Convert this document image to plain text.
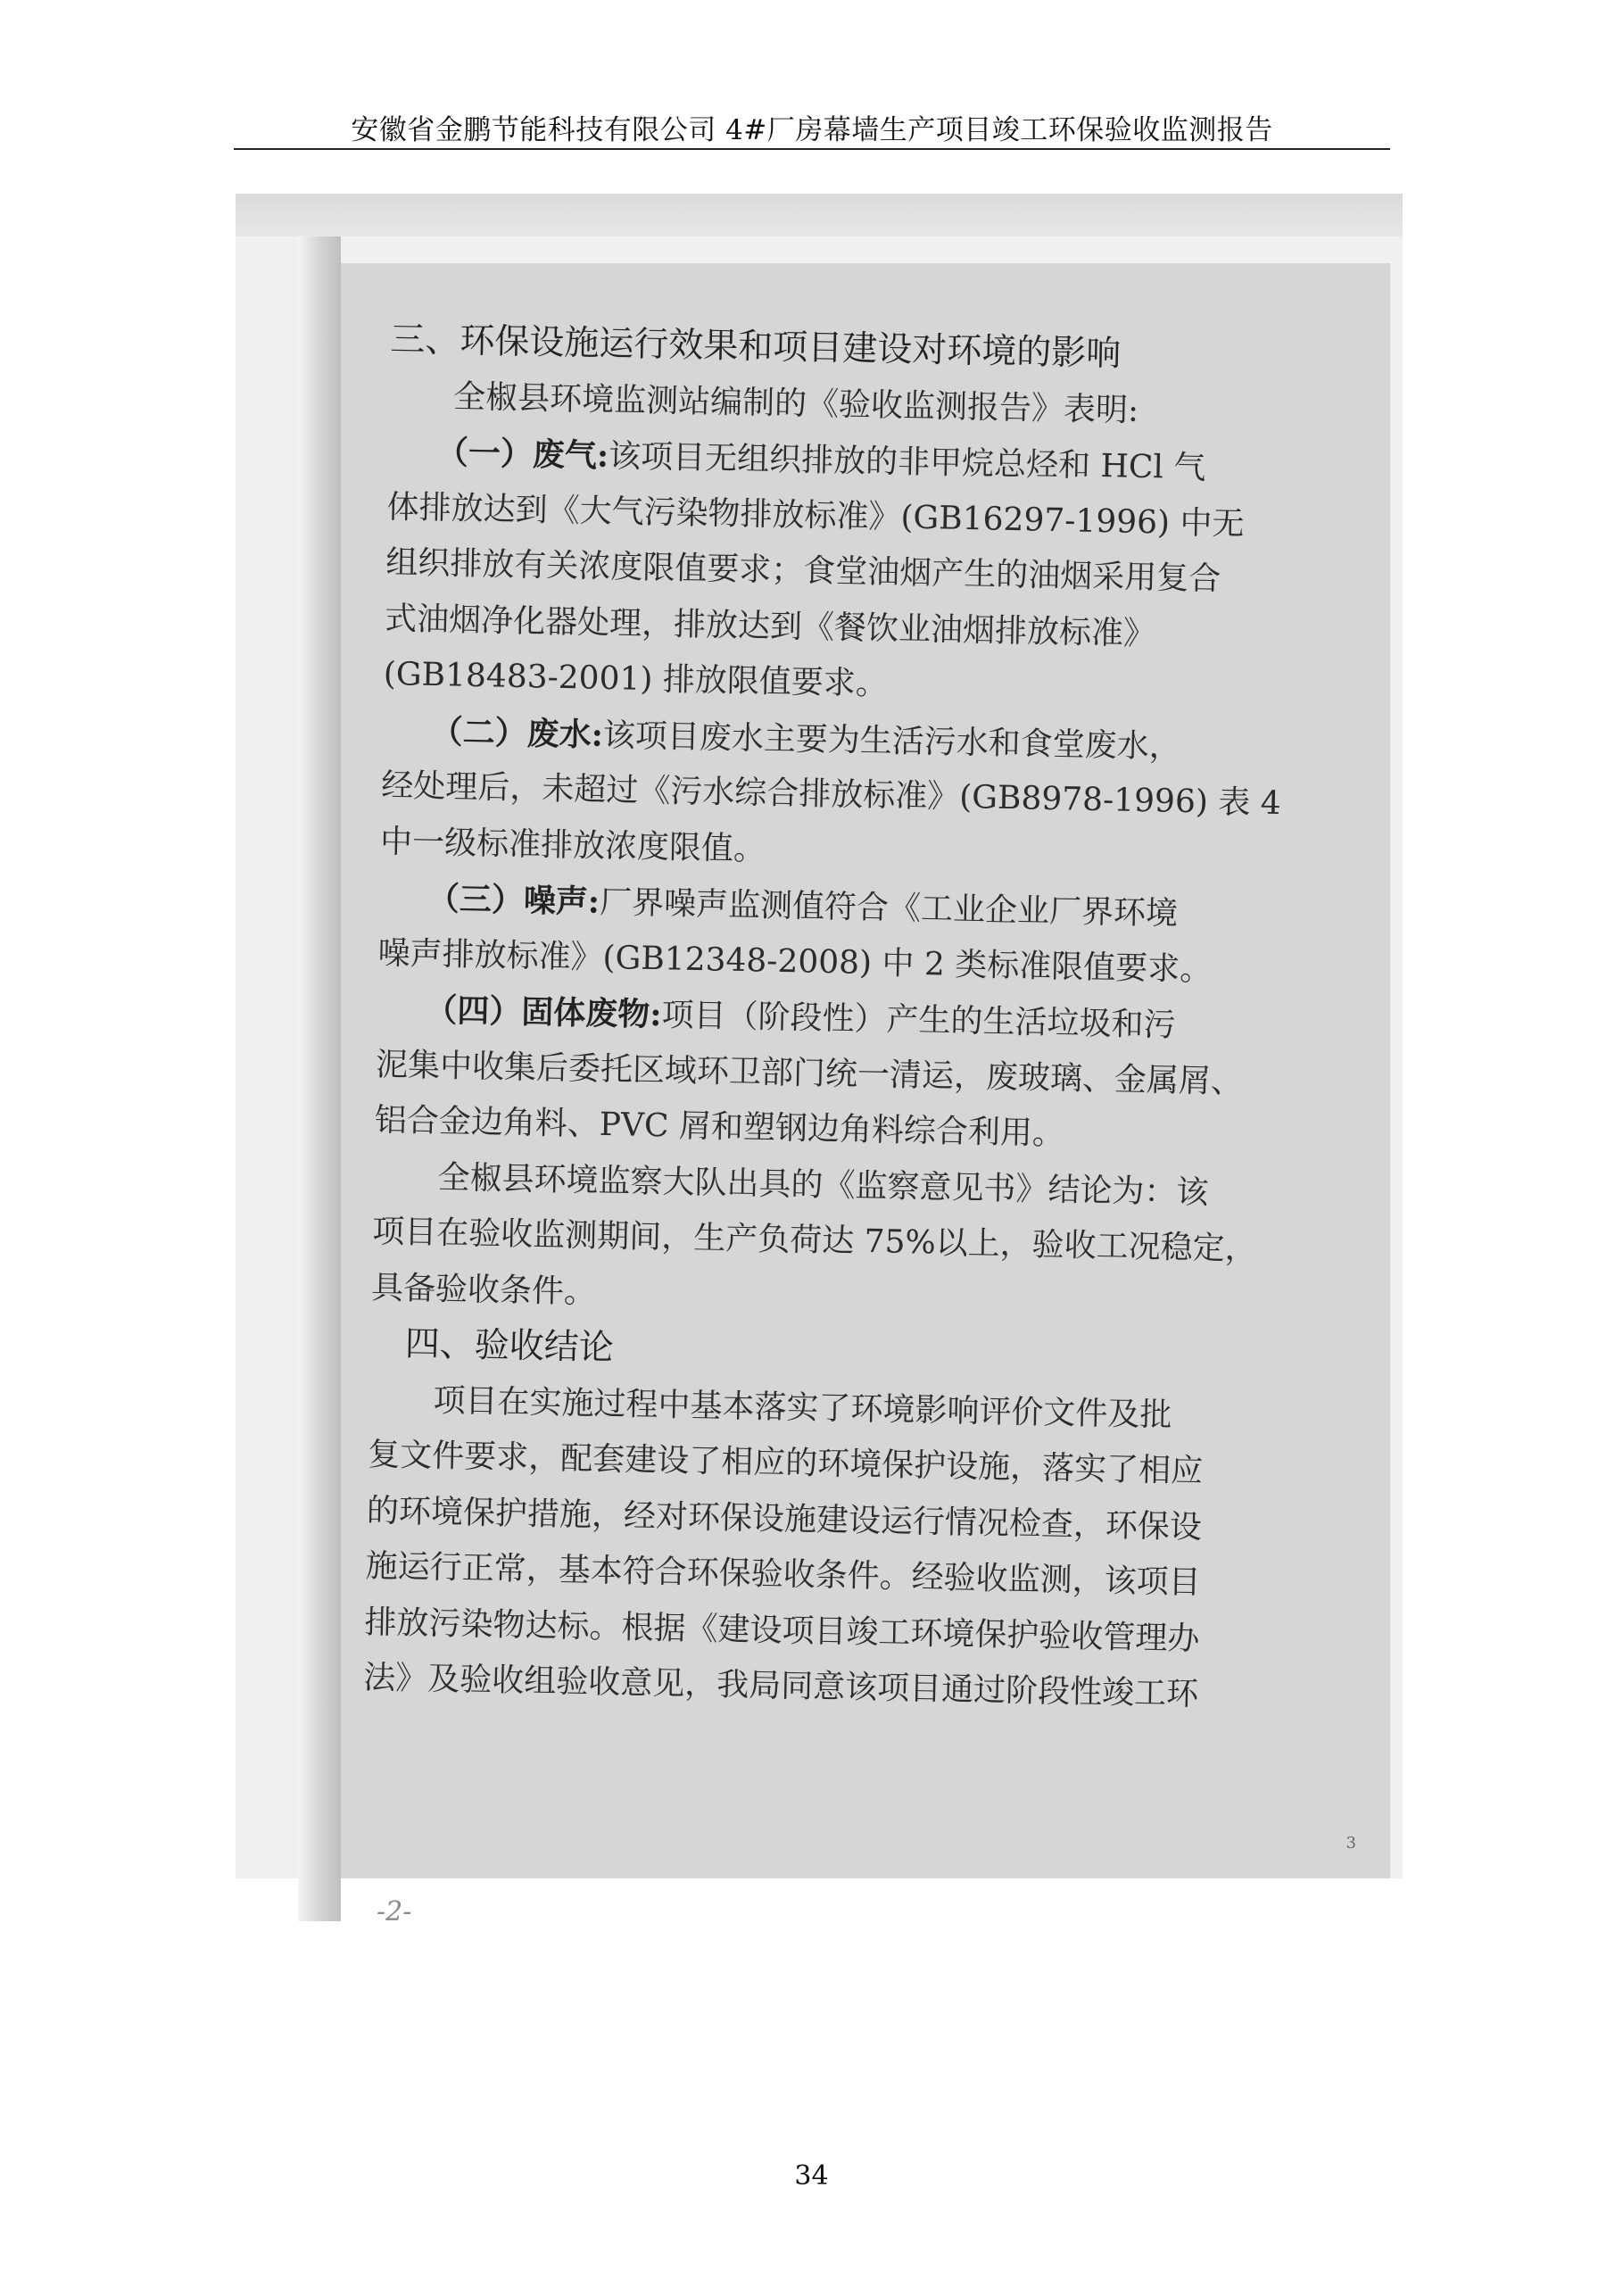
安徽省金鹏节能科技有限公司 4#厂房幕墙生产项目竣工环保验收监测报告
三、环保设施运行效果和项目建设对环境的影响
　　全椒县环境监测站编制的《验收监测报告》表明:
　　（一）废气:该项目无组织排放的非甲烷总烃和 HCl 气
体排放达到《大气污染物排放标准》(GB16297-1996) 中无
组织排放有关浓度限值要求；食堂油烟产生的油烟采用复合
式油烟净化器处理，排放达到《餐饮业油烟排放标准》
(GB18483-2001) 排放限值要求。
　　（二）废水:该项目废水主要为生活污水和食堂废水，
经处理后，未超过《污水综合排放标准》(GB8978-1996) 表 4
中一级标准排放浓度限值。
　　（三）噪声:厂界噪声监测值符合《工业企业厂界环境
噪声排放标准》(GB12348-2008) 中 2 类标准限值要求。
　　（四）固体废物:项目（阶段性）产生的生活垃圾和污
泥集中收集后委托区域环卫部门统一清运，废玻璃、金属屑、
铝合金边角料、PVC 屑和塑钢边角料综合利用。
　　全椒县环境监察大队出具的《监察意见书》结论为：该
项目在验收监测期间，生产负荷达 75%以上，验收工况稳定，
具备验收条件。
　四、验收结论
　　项目在实施过程中基本落实了环境影响评价文件及批
复文件要求，配套建设了相应的环境保护设施，落实了相应
的环境保护措施，经对环保设施建设运行情况检查，环保设
施运行正常，基本符合环保验收条件。经验收监测，该项目
排放污染物达标。根据《建设项目竣工环境保护验收管理办
法》及验收组验收意见，我局同意该项目通过阶段性竣工环
3
-2-
34
